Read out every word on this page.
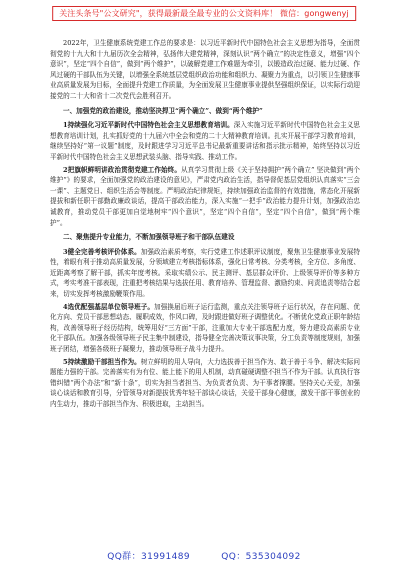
关注头条号"公文研究"，获得最新最全最专业的公文资料库！ 微信：gongwenyj

2022年，卫生健康系统党建工作总的要求是：以习近平新时代中国特色社会主义思想为指导，全面贯彻党的十九大和十九届历次全会精神，弘扬伟大建党精神，深刻认识“两个确立”的决定性意义，增强“四个意识”，坚定“四个自信”，做到“两个维护”，以破解党建工作难题为牵引，以锻造政治过硬、能力过硬、作风过硬的干部队伍为关键，以增强全系统基层党组织政治功能和组织力、凝聚力为重点，以引领卫生健康事业高质量发展为目标，全面提升党建工作质量，为全面发展卫生健康事业提供坚强组织保证，以实际行动迎接党的二十大和省十二次党代会胜利召开。

一、加强党的政治建设，推动坚决捍卫“两个确立”、做到“两个维护”

1持续强化习近平新时代中国特色社会主义思想教育培训。深入实施习近平新时代中国特色社会主义思想教育培训计划，扎实抓好党的十九届六中全会和党的二十大精神教育培训。扎实开展干部学习教育培训，继续坚持好“第一议题”制度，及时跟进学习习近平总书记最新重要讲话和指示批示精神，始终坚持以习近平新时代中国特色社会主义思想武装头脑、指导实践、推动工作。

2把旗帜鲜明讲政治贯彻党建工作始终。从真学习贯彻上级《关于坚持拥护“两个确立” 坚决做到“两个维护”》的要求，全面加强党的政治建设的意见》，严肃党内政治生活，指导督促基层党组织认真落实“三会一课”、主题党日、组织生活会等制度。严明政治纪律规矩，持续加强政治监督的有效措施，常态化开展新提拔和新任职干部勤政廉政谈话，提高干部政治能力，深入实施“一把手”政治能力提升计划，加强政治忠诚教育，推动党员干部更加自觉地树牢“四个意识”，坚定“四个自信”，坚定“四个自信”，做到“两个维护”。

二、聚焦提升专业能力，不断加强领导班子和干部队伍建设

3健全完善考核评价体系。加强政治素质考察，实行党建工作述职评议制度，聚焦卫生健康事业发展特性，着眼有利于推动高质量发展，分领域建立考核指标体系，强化日常考核、分类考核，全方位、多角度、近距离考察了解干部，抓实年度考核。采取实绩公示、民主测评、基层群众评价、上级领导评价等多种方式，考实考准干部表现，注重把考核结果与选拔任用、教育培养、管理监督、激励约束、问责追责等结合起来，切实发挥考核激励鞭策作用。

4选优配强基层单位领导班子。加强换届后班子运行监测，重点关注领导班子运行状况，存在问题、优化方向、党员干部思想动态、履职成效，作风口碑，及时跟进做好班子调整优化。不断优化党政正职年龄结构，改善领导班子经历结构，统筹用好“三方面”干部，注重加大专业干部选配力度，努力建设高素质专业化干部队伍。加强各级领导班子民主集中制建设，指导健全完善决策议事决策，分工负责等制度规则，加强班子团结，增强各级班子凝聚力，推动领导班子战斗力提升。

5持续激励干部担当作为。树立鲜明的用人导向，大力选拔善于担当作为、敢于善于斗争、解决实际问题能力强的干部。完善落实有为有位、能上能下的用人机制，动真碰硬调整不担当不作为干部。认真执行容错纠错“两个办法”和“新十条”，切实为担当者担当、为负责者负责、为干事者撑腰。坚持关心关爱，加强谈心谈话和教育引导，分管领导对新提拔优秀年轻干部谈心谈话，关爱干部身心健康，激发干部干事创业的内生动力，推动干部担当作为、积极进取，主动担当。

QQ群：31991489	QQ：535304092
